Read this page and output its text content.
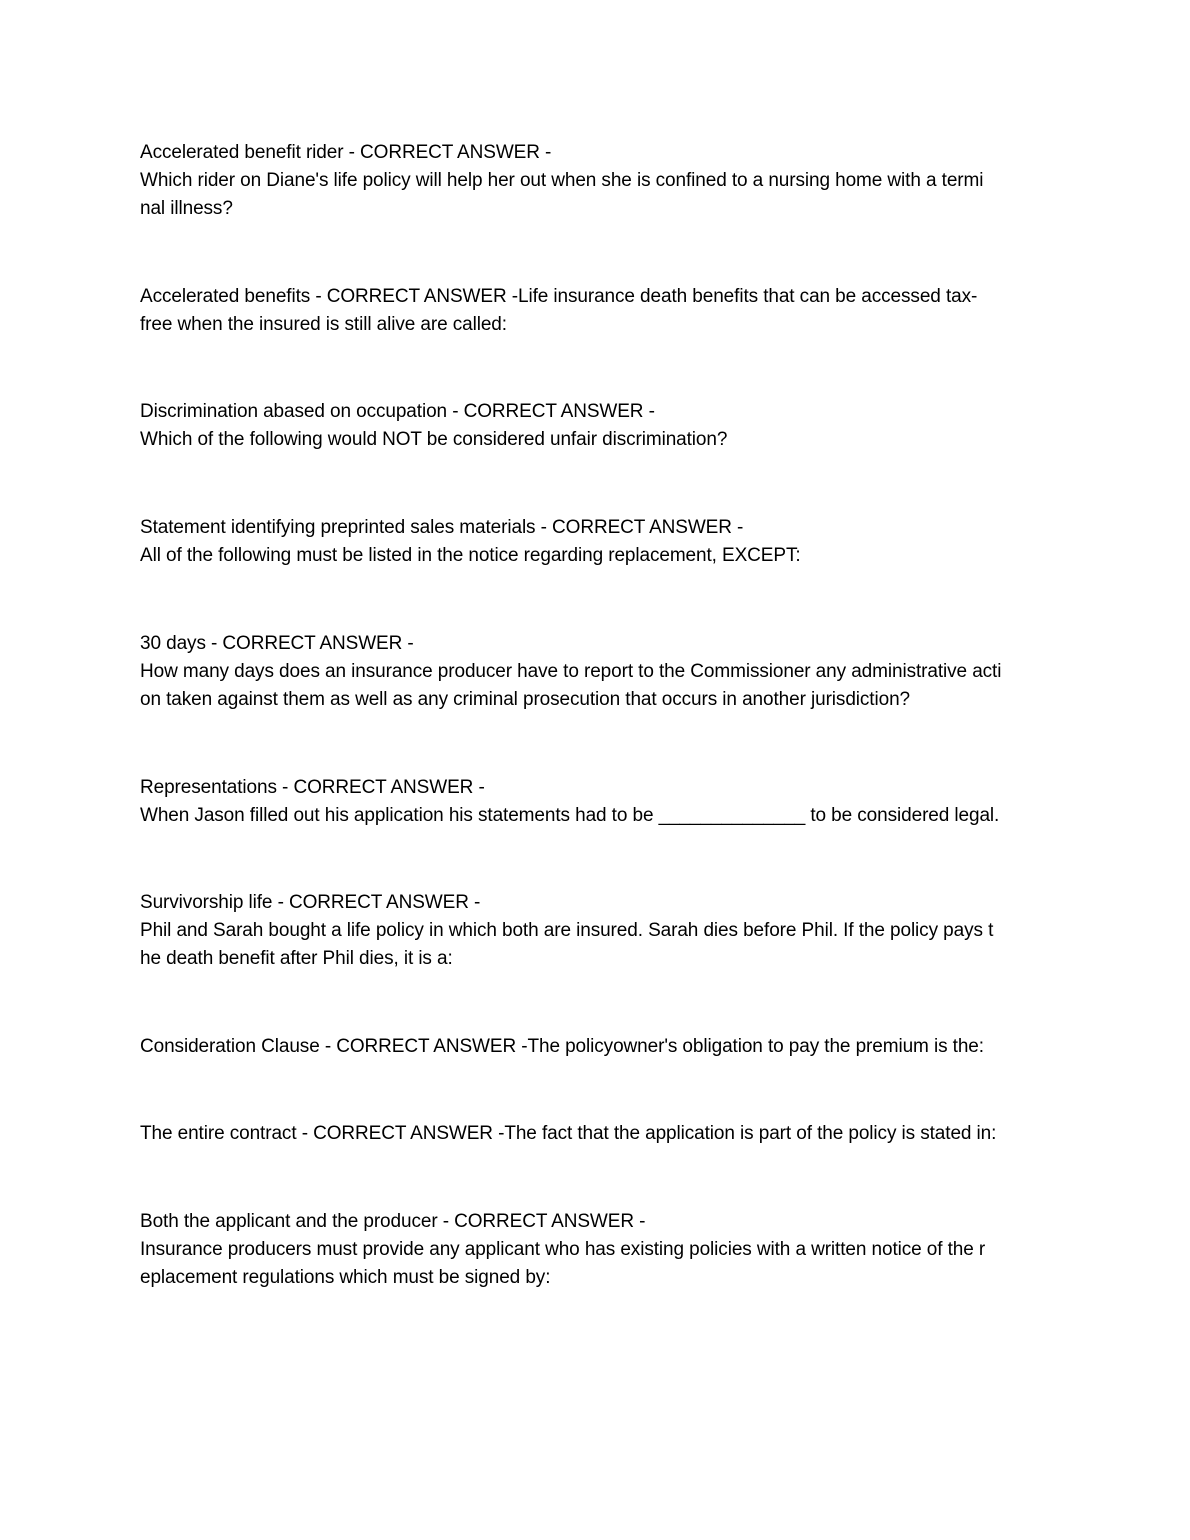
Accelerated benefit rider - CORRECT ANSWER -
Which rider on Diane's life policy will help her out when she is confined to a nursing home with a termi
nal illness?
Accelerated benefits - CORRECT ANSWER -Life insurance death benefits that can be accessed tax-
free when the insured is still alive are called:
Discrimination abased on occupation - CORRECT ANSWER -
Which of the following would NOT be considered unfair discrimination?
Statement identifying preprinted sales materials - CORRECT ANSWER -
All of the following must be listed in the notice regarding replacement, EXCEPT:
30 days - CORRECT ANSWER -
How many days does an insurance producer have to report to the Commissioner any administrative acti
on taken against them as well as any criminal prosecution that occurs in another jurisdiction?
Representations - CORRECT ANSWER -
When Jason filled out his application his statements had to be ______________ to be considered legal.
Survivorship life - CORRECT ANSWER -
Phil and Sarah bought a life policy in which both are insured. Sarah dies before Phil. If the policy pays t
he death benefit after Phil dies, it is a:
Consideration Clause - CORRECT ANSWER -The policyowner's obligation to pay the premium is the:
The entire contract - CORRECT ANSWER -The fact that the application is part of the policy is stated in:
Both the applicant and the producer - CORRECT ANSWER -
Insurance producers must provide any applicant who has existing policies with a written notice of the r
eplacement regulations which must be signed by:
